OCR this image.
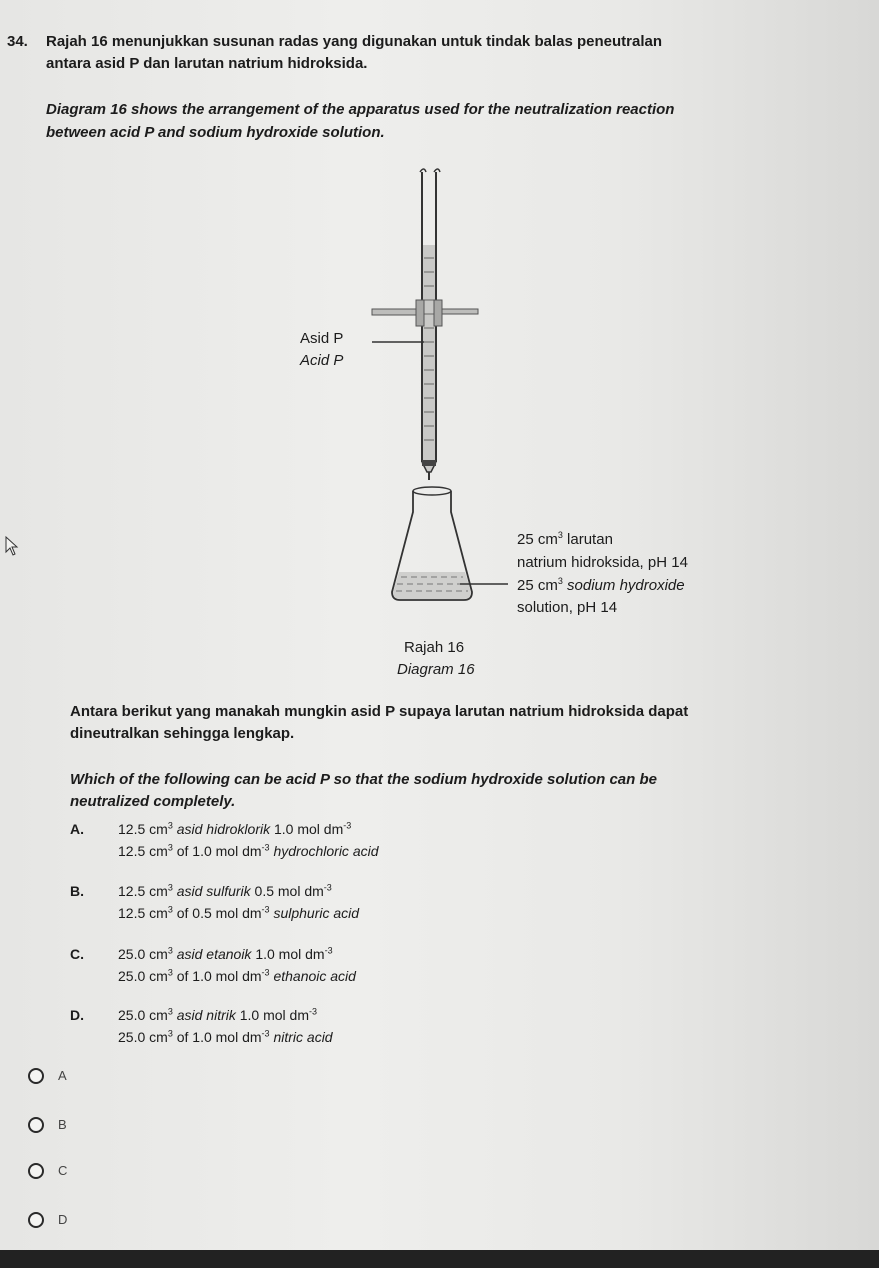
34. Rajah 16 menunjukkan susunan radas yang digunakan untuk tindak balas peneutralan
antara asid P dan larutan natrium hidroksida.
Diagram 16 shows the arrangement of the apparatus used for the neutralization reaction
between acid P and sodium hydroxide solution.
Asid P
Acid P
25 $cm^3$ larutan
natrium hidroksida, pH 14
25 $cm^3$ sodium hydroxide
solution, pH 14
Rajah 16
Diagram 16
Antara berikut yang manakah mungkin asid P supaya larutan natrium hidroksida dapat
dineutralkan sehingga lengkap.
Which of the following can be acid P so that the sodium hydroxide solution can be
neutralized completely.
A. 12.5 $cm^3$ asid hidroklorik 1.0 mol $dm^{-3}$
12.5 $cm^3$ of 1.0 mol $dm^{-3}$ hydrochloric acid
B. 12.5 $cm^3$ asid sulfurik 0.5 mol $dm^{-3}$
12.5 $cm^3$ of 0.5 mol $dm^{-3}$ sulphuric acid
C. 25.0 $cm^3$ asid etanoik 1.0 mol $dm^{-3}$
25.0 $cm^3$ of 1.0 mol $dm^{-3}$ ethanoic acid
D. 25.0 $cm^3$ asid nitrik 1.0 mol $dm^{-3}$
25.0 $cm^3$ of 1.0 mol $dm^{-3}$ nitric acid
A
B
C
D
